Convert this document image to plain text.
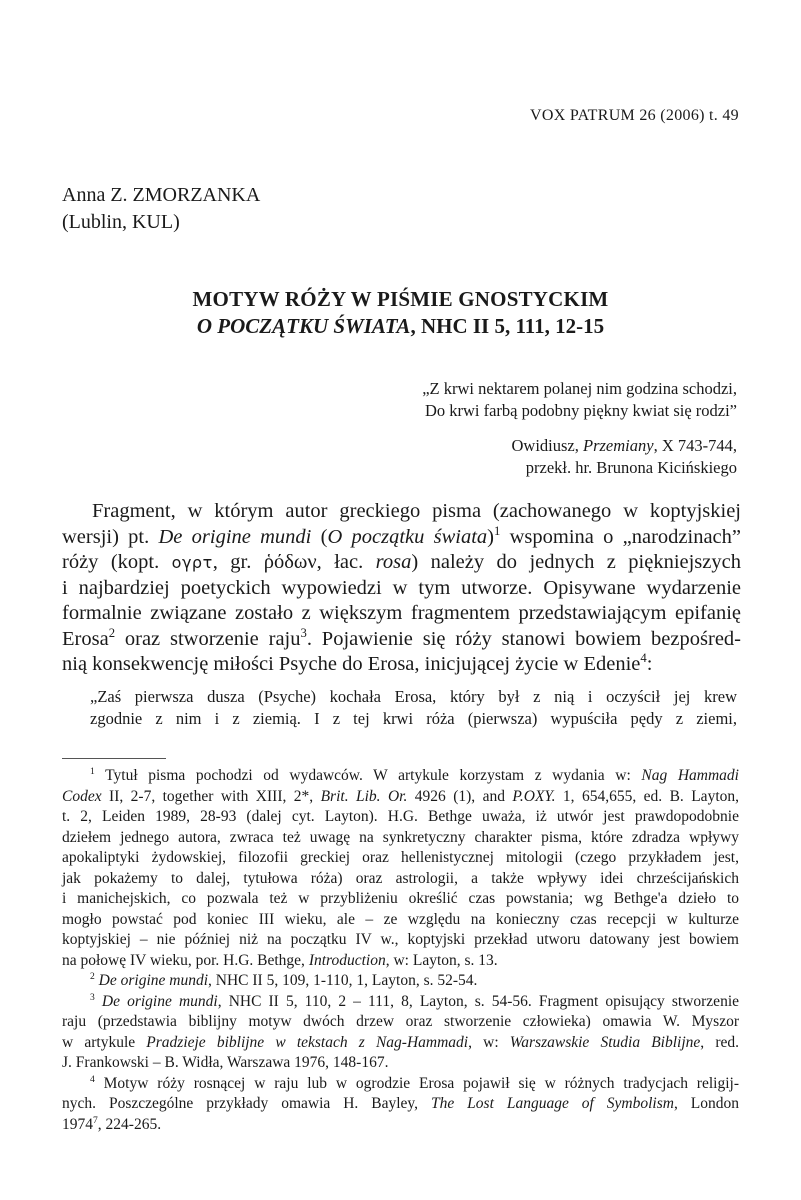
VOX PATRUM 26 (2006) t. 49
Anna Z. ZMORZANKA
(Lublin, KUL)
MOTYW RÓŻY W PIŚMIE GNOSTYCKIM
O POCZĄTKU ŚWIATA, NHC II 5, 111, 12-15
„Z krwi nektarem polanej nim godzina schodzi,
Do krwi farbą podobny piękny kwiat się rodzi”
Owidiusz, Przemiany, X 743-744,
przekł. hr. Brunona Kicińskiego
Fragment, w którym autor greckiego pisma (zachowanego w koptyjskiej
wersji) pt. De origine mundi (O początku świata)$^1$ wspomina o „narodzinach”
róży (kopt. ογρτ, gr. ῥόδων, łac. rosa) należy do jednych z piękniejszych
i najbardziej poetyckich wypowiedzi w tym utworze. Opisywane wydarzenie
formalnie związane zostało z większym fragmentem przedstawiającym epifanię
Erosa$^2$ oraz stworzenie raju$^3$. Pojawienie się róży stanowi bowiem bezpośred-
nią konsekwencję miłości Psyche do Erosa, inicjującej życie w Edenie$^4$:
„Zaś pierwsza dusza (Psyche) kochała Erosa, który był z nią i oczyścił jej krew
zgodnie z nim i z ziemią. I z tej krwi róża (pierwsza) wypuściła pędy z ziemi,
$^1$ Tytuł pisma pochodzi od wydawców. W artykule korzystam z wydania w: Nag Hammadi
Codex II, 2-7, together with XIII, 2*, Brit. Lib. Or. 4926 (1), and P.OXY. 1, 654,655, ed. B. Layton,
t. 2, Leiden 1989, 28-93 (dalej cyt. Layton). H.G. Bethge uważa, iż utwór jest prawdopodobnie
dziełem jednego autora, zwraca też uwagę na synkretyczny charakter pisma, które zdradza wpływy
apokaliptyki żydowskiej, filozofii greckiej oraz hellenistycznej mitologii (czego przykładem jest,
jak pokażemy to dalej, tytułowa róża) oraz astrologii, a także wpływy idei chrześcijańskich
i manichejskich, co pozwala też w przybliżeniu określić czas powstania; wg Bethge'a dzieło to
mogło powstać pod koniec III wieku, ale – ze względu na konieczny czas recepcji w kulturze
koptyjskiej – nie później niż na początku IV w., koptyjski przekład utworu datowany jest bowiem
na połowę IV wieku, por. H.G. Bethge, Introduction, w: Layton, s. 13.
$^2$ De origine mundi, NHC II 5, 109, 1-110, 1, Layton, s. 52-54.
$^3$ De origine mundi, NHC II 5, 110, 2 – 111, 8, Layton, s. 54-56. Fragment opisujący stworzenie
raju (przedstawia biblijny motyw dwóch drzew oraz stworzenie człowieka) omawia W. Myszor
w artykule Pradzieje biblijne w tekstach z Nag-Hammadi, w: Warszawskie Studia Biblijne, red.
J. Frankowski – B. Widła, Warszawa 1976, 148-167.
$^4$ Motyw róży rosnącej w raju lub w ogrodzie Erosa pojawił się w różnych tradycjach religij-
nych. Poszczególne przykłady omawia H. Bayley, The Lost Language of Symbolism, London
1974$^7$, 224-265.
